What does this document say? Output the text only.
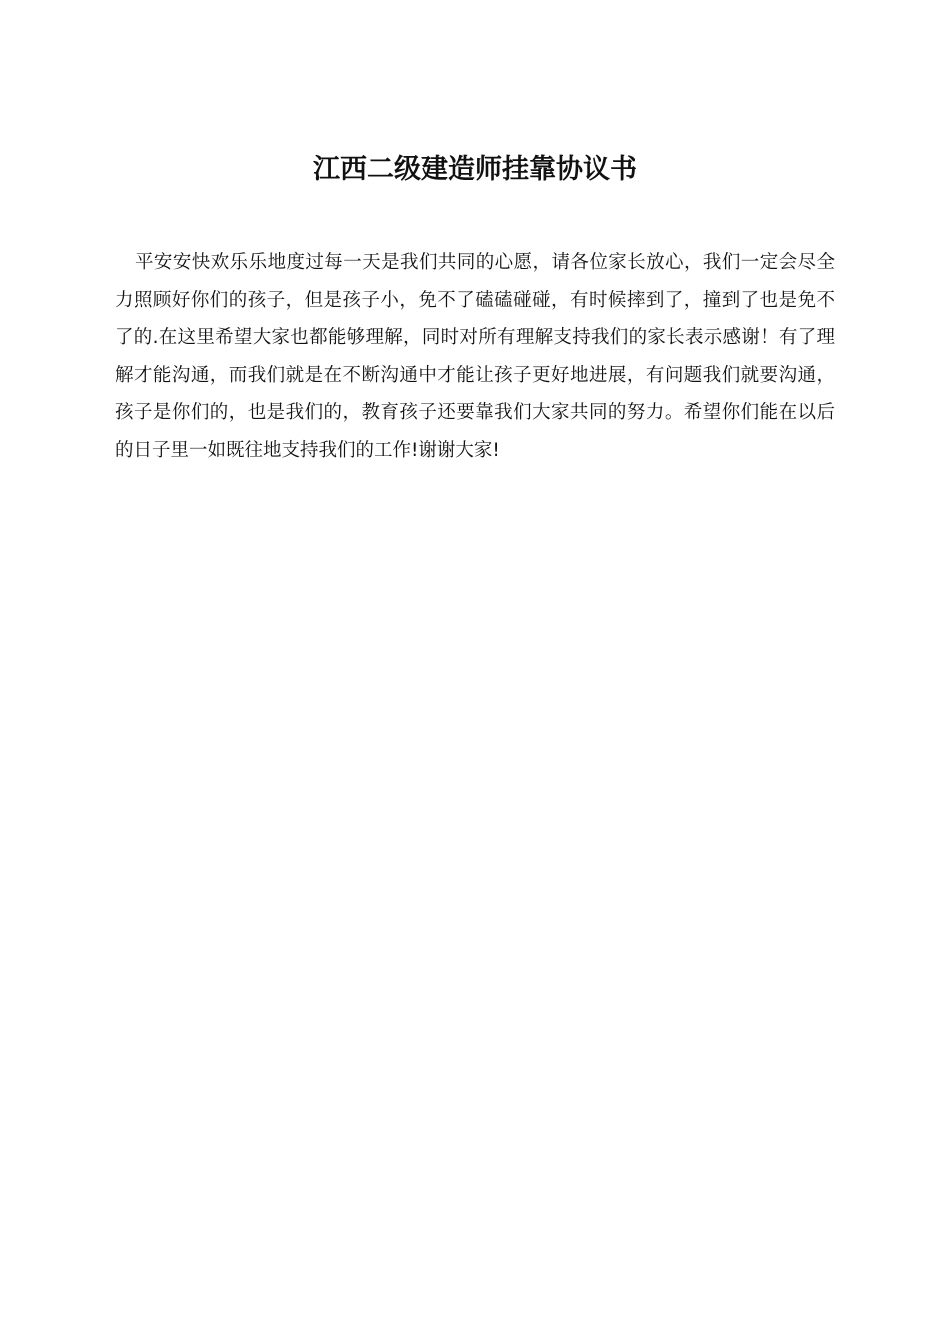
江西二级建造师挂靠协议书

平安安快欢乐乐地度过每一天是我们共同的心愿，请各位家长放心，我们一定会尽全力照顾好你们的孩子，但是孩子小，免不了磕磕碰碰，有时候摔到了，撞到了也是免不了的.在这里希望大家也都能够理解，同时对所有理解支持我们的家长表示感谢！有了理解才能沟通，而我们就是在不断沟通中才能让孩子更好地进展，有问题我们就要沟通，孩子是你们的，也是我们的，教育孩子还要靠我们大家共同的努力。希望你们能在以后的日子里一如既往地支持我们的工作!谢谢大家!
